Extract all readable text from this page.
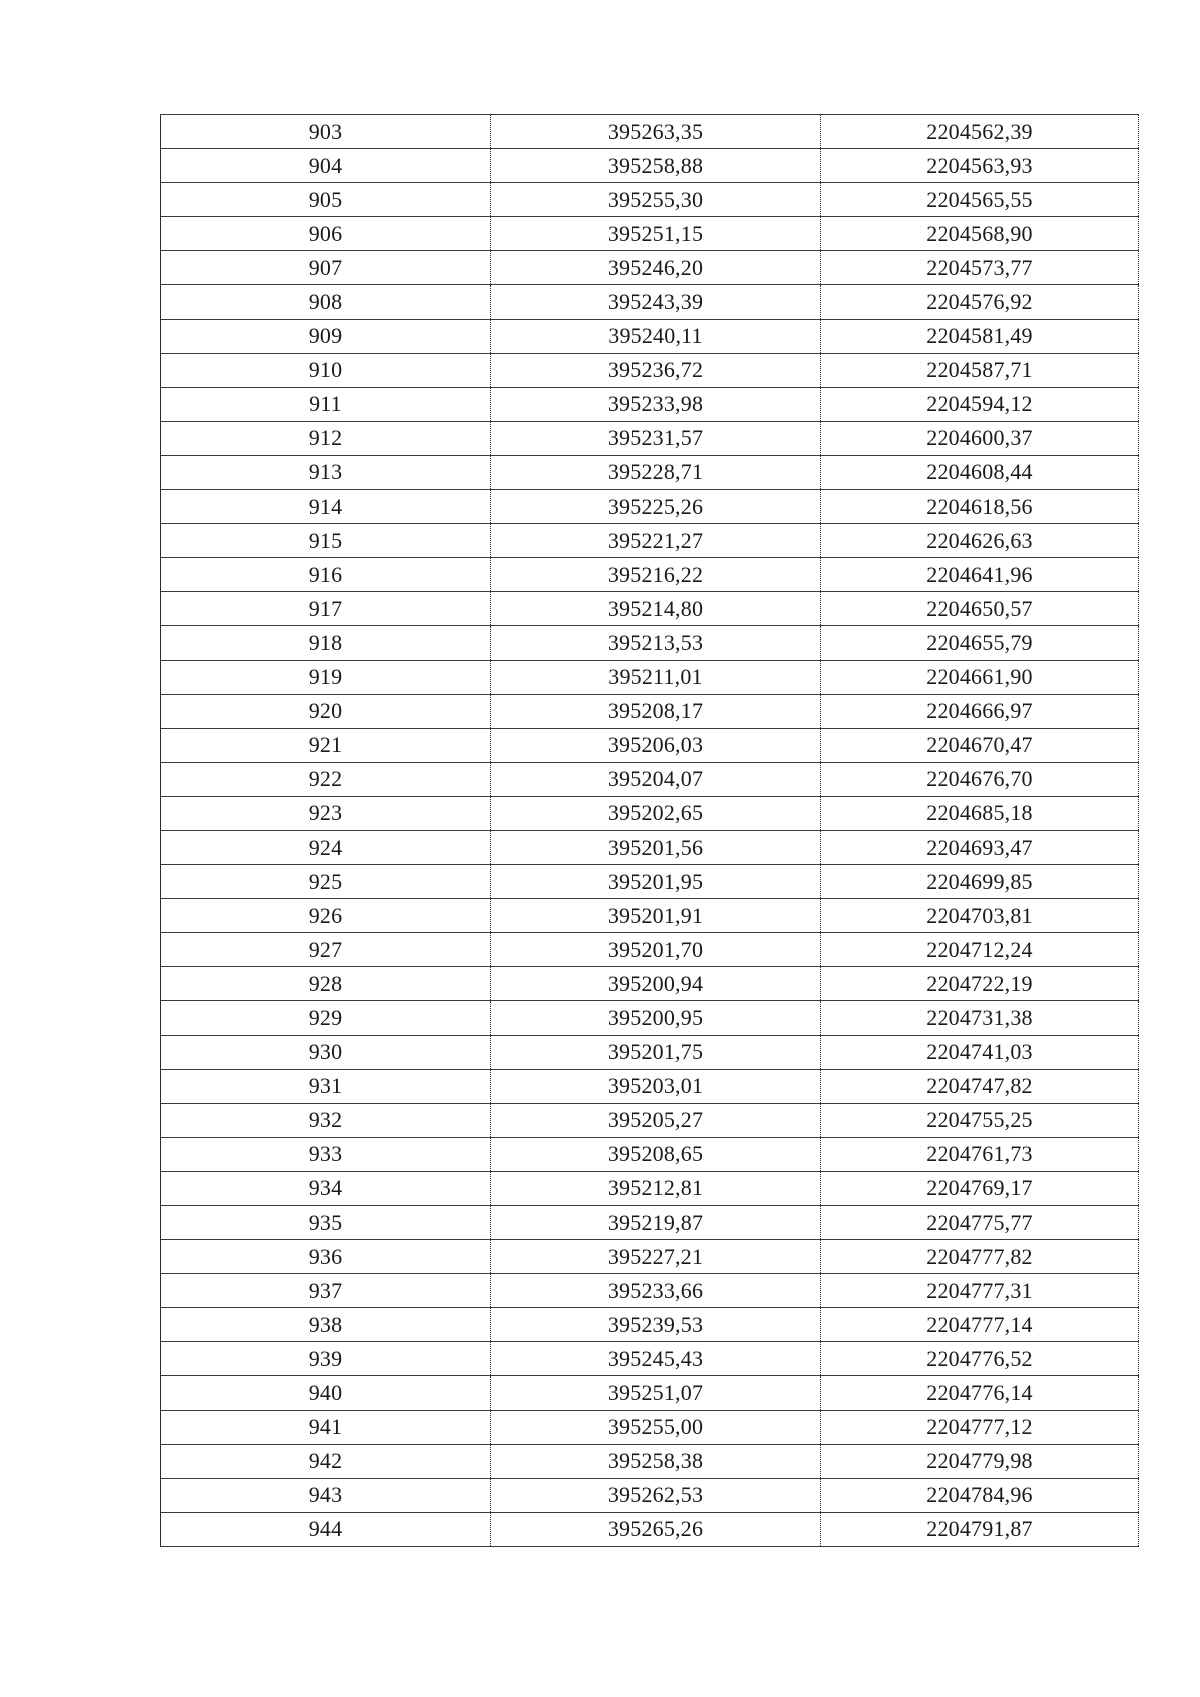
903	395263,35	2204562,39
904	395258,88	2204563,93
905	395255,30	2204565,55
906	395251,15	2204568,90
907	395246,20	2204573,77
908	395243,39	2204576,92
909	395240,11	2204581,49
910	395236,72	2204587,71
911	395233,98	2204594,12
912	395231,57	2204600,37
913	395228,71	2204608,44
914	395225,26	2204618,56
915	395221,27	2204626,63
916	395216,22	2204641,96
917	395214,80	2204650,57
918	395213,53	2204655,79
919	395211,01	2204661,90
920	395208,17	2204666,97
921	395206,03	2204670,47
922	395204,07	2204676,70
923	395202,65	2204685,18
924	395201,56	2204693,47
925	395201,95	2204699,85
926	395201,91	2204703,81
927	395201,70	2204712,24
928	395200,94	2204722,19
929	395200,95	2204731,38
930	395201,75	2204741,03
931	395203,01	2204747,82
932	395205,27	2204755,25
933	395208,65	2204761,73
934	395212,81	2204769,17
935	395219,87	2204775,77
936	395227,21	2204777,82
937	395233,66	2204777,31
938	395239,53	2204777,14
939	395245,43	2204776,52
940	395251,07	2204776,14
941	395255,00	2204777,12
942	395258,38	2204779,98
943	395262,53	2204784,96
944	395265,26	2204791,87
